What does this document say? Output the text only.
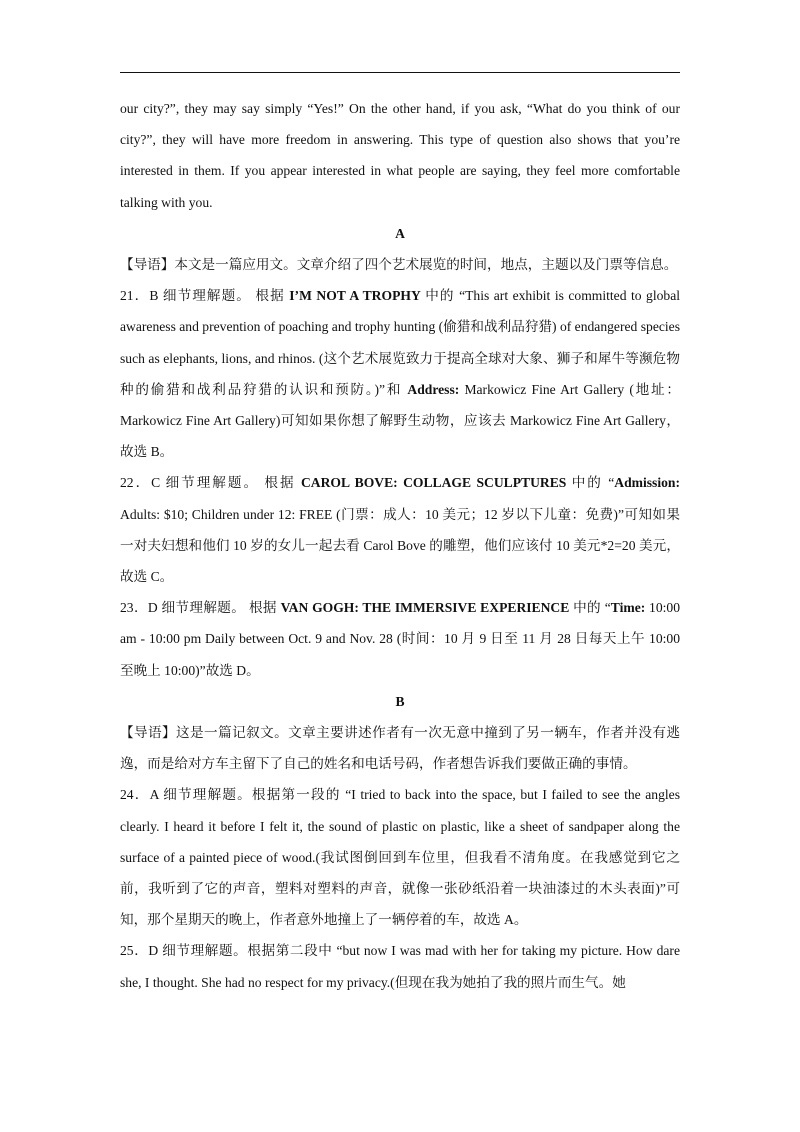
our city?”, they may say simply “Yes!” On the other hand, if you ask, “What do you think of our city?”, they will have more freedom in answering. This type of question also shows that you’re interested in them. If you appear interested in what people are saying, they feel more comfortable talking with you.

A

【导语】本文是一篇应用文。文章介绍了四个艺术展览的时间，地点，主题以及门票等信息。

21．B 细节理解题。 根据 I’M NOT A TROPHY 中的 “This art exhibit is committed to global awareness and prevention of poaching and trophy hunting (偷猎和战利品狩猎) of endangered species such as elephants, lions, and rhinos. (这个艺术展览致力于提高全球对大象、狮子和犀牛等濒危物种的偷猎和战利品狩猎的认识和预防。)”和 Address: Markowicz Fine Art Gallery (地址：Markowicz Fine Art Gallery)可知如果你想了解野生动物，应该去 Markowicz Fine Art Gallery，故选 B。

22．C 细节理解题。 根据 CAROL BOVE: COLLAGE SCULPTURES 中的 “Admission: Adults: $10; Children under 12: FREE (门票：成人：10 美元；12 岁以下儿童：免费)”可知如果一对夫妇想和他们 10 岁的女儿一起去看 Carol Bove 的雕塑，他们应该付 10 美元*2=20 美元，故选 C。

23．D 细节理解题。 根据 VAN GOGH: THE IMMERSIVE EXPERIENCE 中的 “Time: 10:00 am - 10:00 pm Daily between Oct. 9 and Nov. 28 (时间：10 月 9 日至 11 月 28 日每天上午 10:00 至晚上 10:00)”故选 D。

B

【导语】这是一篇记叙文。文章主要讲述作者有一次无意中撞到了另一辆车，作者并没有逃逸，而是给对方车主留下了自己的姓名和电话号码，作者想告诉我们要做正确的事情。

24．A 细节理解题。根据第一段的 “I tried to back into the space, but I failed to see the angles clearly. I heard it before I felt it, the sound of plastic on plastic, like a sheet of sandpaper along the surface of a painted piece of wood.(我试图倒回到车位里，但我看不清角度。在我感觉到它之前，我听到了它的声音，塑料对塑料的声音，就像一张砂纸沿着一块油漆过的木头表面)”可知，那个星期天的晚上，作者意外地撞上了一辆停着的车，故选 A。

25．D 细节理解题。根据第二段中 “but now I was mad with her for taking my picture. How dare she, I thought. She had no respect for my privacy.(但现在我为她拍了我的照片而生气。她
